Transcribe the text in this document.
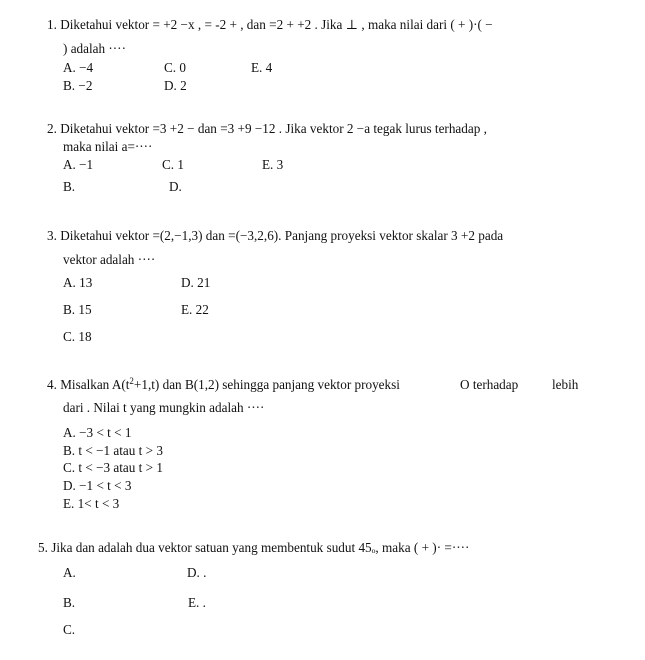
1. Diketahui vektor = +2 −x , = -2 + , dan =2 + +2 . Jika ⊥ , maka nilai dari ( + )·( −
) adalah ····
A. −4	C. 0	E. 4
B. −2	D. 2
2. Diketahui vektor =3 +2 − dan =3 +9 −12 . Jika vektor 2 −a tegak lurus terhadap ,
maka nilai a=····
A. −1	C. 1	E. 3
B.	D.
3. Diketahui vektor =(2,−1,3) dan =(−3,2,6). Panjang proyeksi vektor skalar 3 +2 pada
vektor adalah ····
A. 13	D. 21
B. 15	E. 22
C. 18
4. Misalkan $A(t^2+1,t)$ dan B(1,2) sehingga panjang vektor proyeksi	O terhadap	lebih
dari . Nilai t yang mungkin adalah ····
A. −3 < t < 1
B. t < −1 atau t > 3
C. t < −3 atau t > 1
D. −1 < t < 3
E. 1< t < 3
5. Jika dan adalah dua vektor satuan yang membentuk sudut 45ₒ, maka ( + )· =····
A.	D. .
B.	E. .
C.
